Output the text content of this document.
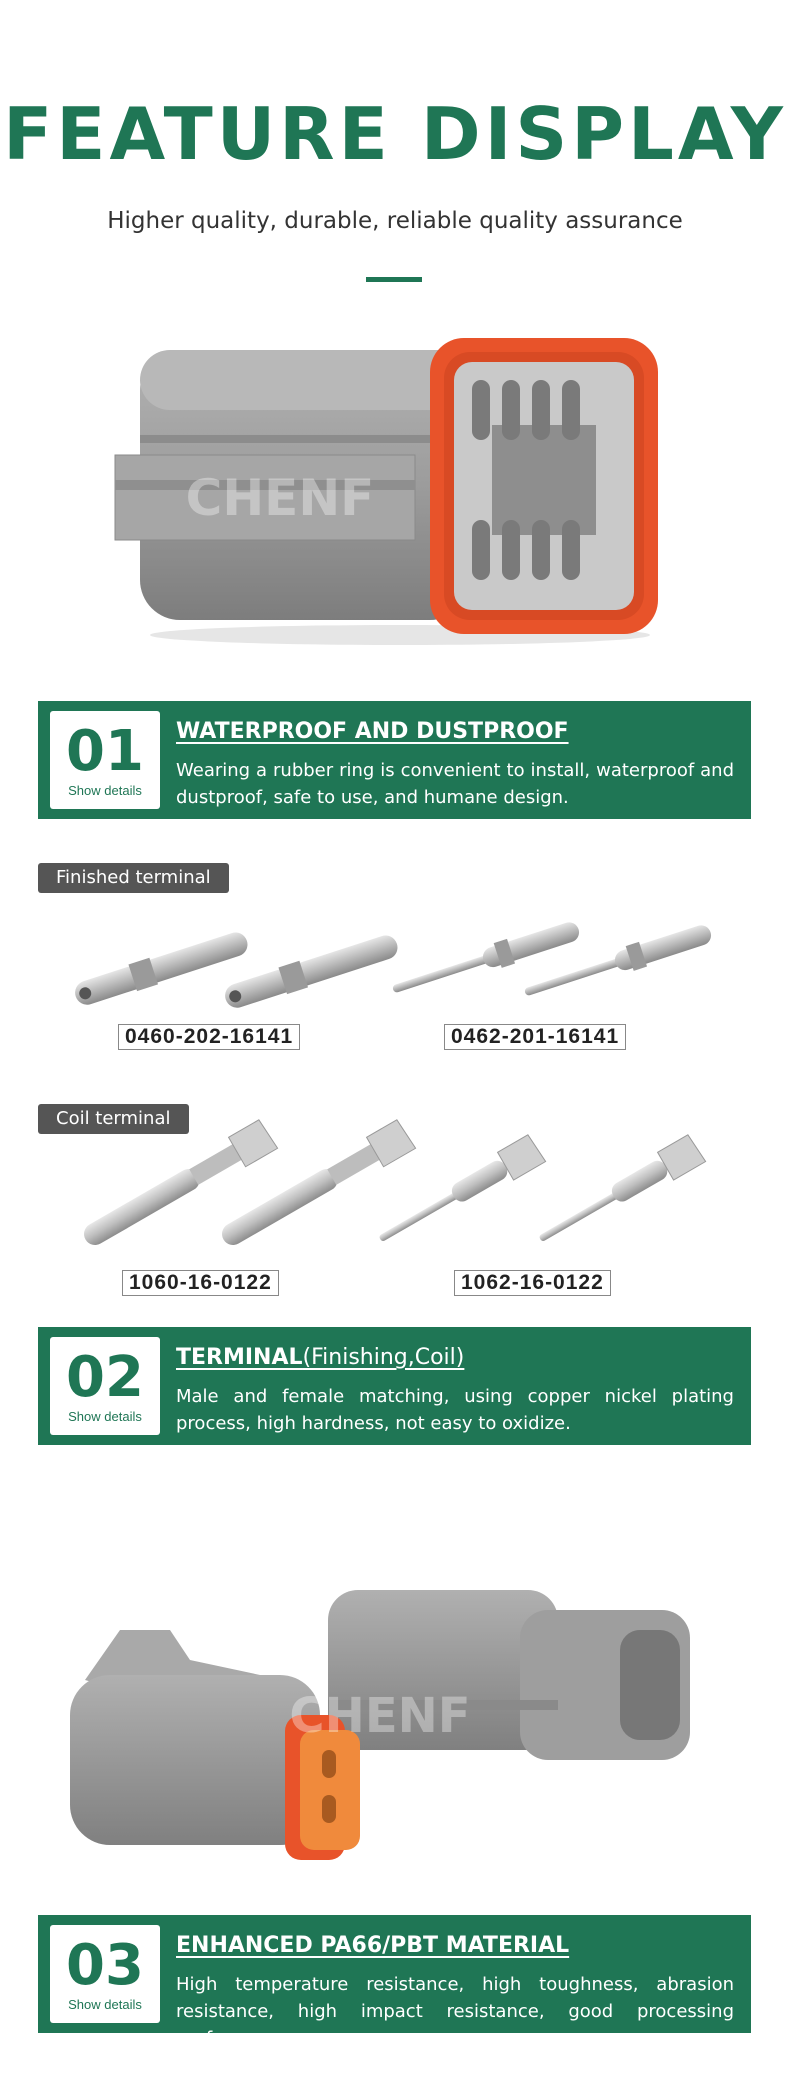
FEATURE DISPLAY
Higher quality, durable, reliable quality assurance
CHENF
01
Show details
WATERPROOF AND DUSTPROOF
Wearing a rubber ring is convenient to install, waterproof and dustproof, safe to use, and humane design.
Finished terminal
0460-202-16141	0462-201-16141
Coil terminal
1060-16-0122	1062-16-0122
02
Show details
TERMINAL(Finishing,Coil)
Male and female matching, using copper nickel plating process, high hardness, not easy to oxidize.
CHENF
03
Show details
ENHANCED PA66/PBT MATERIAL
High temperature resistance, high toughness, abrasion resistance, high impact resistance, good processing performance.
